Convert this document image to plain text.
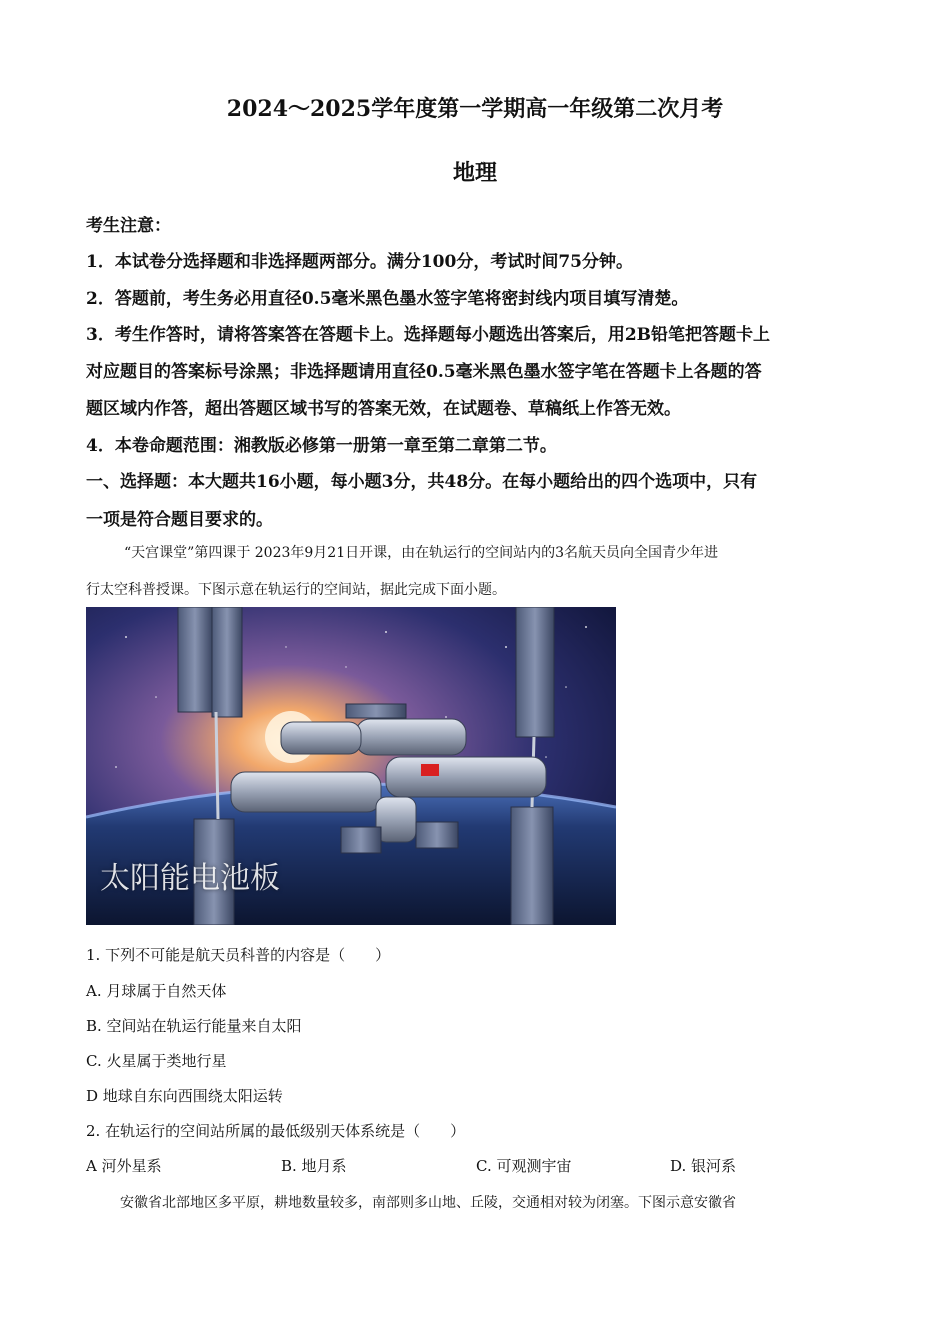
2024～2025学年度第一学期高一年级第二次月考
地理
考生注意：
1．本试卷分选择题和非选择题两部分。满分100分，考试时间75分钟。
2．答题前，考生务必用直径0.5毫米黑色墨水签字笔将密封线内项目填写清楚。
3．考生作答时，请将答案答在答题卡上。选择题每小题选出答案后，用2B铅笔把答题卡上
对应题目的答案标号涂黑；非选择题请用直径0.5毫米黑色墨水签字笔在答题卡上各题的答
题区域内作答，超出答题区域书写的答案无效，在试题卷、草稿纸上作答无效。
4．本卷命题范围：湘教版必修第一册第一章至第二章第二节。
一、选择题：本大题共16小题，每小题3分，共48分。在每小题给出的四个选项中，只有
一项是符合题目要求的。
“天宫课堂”第四课于 2023年9月21日开课，由在轨运行的空间站内的3名航天员向全国青少年进
行太空科普授课。下图示意在轨运行的空间站，据此完成下面小题。
太阳能电池板
1. 下列不可能是航天员科普的内容是（　　）
A. 月球属于自然天体
B. 空间站在轨运行能量来自太阳
C. 火星属于类地行星
D 地球自东向西围绕太阳运转
2. 在轨运行的空间站所属的最低级别天体系统是（　　）
A 河外星系	B. 地月系	C. 可观测宇宙	D. 银河系
安徽省北部地区多平原，耕地数量较多，南部则多山地、丘陵，交通相对较为闭塞。下图示意安徽省
